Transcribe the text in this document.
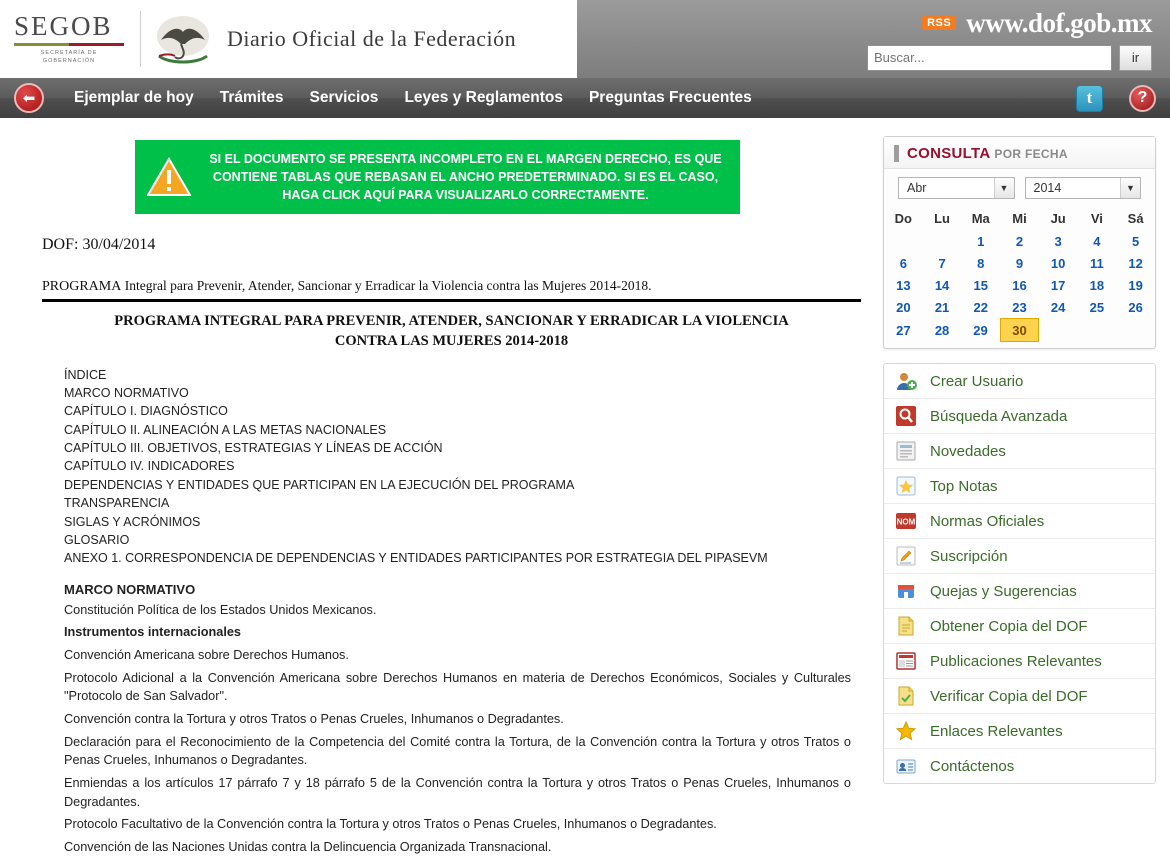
SEGOB
SECRETARÍA DE GOBERNACIÓN
Diario Oficial de la Federación
RSS www.dof.gob.mx
Buscar...
ir
⬅	Ejemplar de hoy Trámites Servicios Leyes y Reglamentos Preguntas Frecuentes	t	?
SI EL DOCUMENTO SE PRESENTA INCOMPLETO EN EL MARGEN DERECHO, ES QUE CONTIENE TABLAS QUE REBASAN EL ANCHO PREDETERMINADO. SI ES EL CASO, HAGA CLICK AQUÍ PARA VISUALIZARLO CORRECTAMENTE.
DOF: 30/04/2014
PROGRAMA Integral para Prevenir, Atender, Sancionar y Erradicar la Violencia contra las Mujeres 2014-2018.
PROGRAMA INTEGRAL PARA PREVENIR, ATENDER, SANCIONAR Y ERRADICAR LA VIOLENCIA
CONTRA LAS MUJERES 2014-2018
ÍNDICE
MARCO NORMATIVO
CAPÍTULO I. DIAGNÓSTICO
CAPÍTULO II. ALINEACIÓN A LAS METAS NACIONALES
CAPÍTULO III. OBJETIVOS, ESTRATEGIAS Y LÍNEAS DE ACCIÓN
CAPÍTULO IV. INDICADORES
DEPENDENCIAS Y ENTIDADES QUE PARTICIPAN EN LA EJECUCIÓN DEL PROGRAMA
TRANSPARENCIA
SIGLAS Y ACRÓNIMOS
GLOSARIO
ANEXO 1. CORRESPONDENCIA DE DEPENDENCIAS Y ENTIDADES PARTICIPANTES POR ESTRATEGIA DEL PIPASEVM
MARCO NORMATIVO
Constitución Política de los Estados Unidos Mexicanos.
Instrumentos internacionales
Convención Americana sobre Derechos Humanos.
Protocolo Adicional a la Convención Americana sobre Derechos Humanos en materia de Derechos Económicos, Sociales y Culturales "Protocolo de San Salvador".
Convención contra la Tortura y otros Tratos o Penas Crueles, Inhumanos o Degradantes.
Declaración para el Reconocimiento de la Competencia del Comité contra la Tortura, de la Convención contra la Tortura y otros Tratos o Penas Crueles, Inhumanos o Degradantes.
Enmiendas a los artículos 17 párrafo 7 y 18 párrafo 5 de la Convención contra la Tortura y otros Tratos o Penas Crueles, Inhumanos o Degradantes.
Protocolo Facultativo de la Convención contra la Tortura y otros Tratos o Penas Crueles, Inhumanos o Degradantes.
Convención de las Naciones Unidas contra la Delincuencia Organizada Transnacional.
CONSULTA POR FECHA
Abr	▼	2014	▼
Do	Lu	Ma	Mi	Ju	Vi	Sá
		1	2	3	4	5
6	7	8	9	10	11	12
13	14	15	16	17	18	19
20	21	22	23	24	25	26
27	28	29	30			
Crear Usuario
Búsqueda Avanzada
Novedades
Top Notas
NOM Normas Oficiales
Suscripción
Quejas y Sugerencias
Obtener Copia del DOF
Publicaciones Relevantes
Verificar Copia del DOF
Enlaces Relevantes
Contáctenos
